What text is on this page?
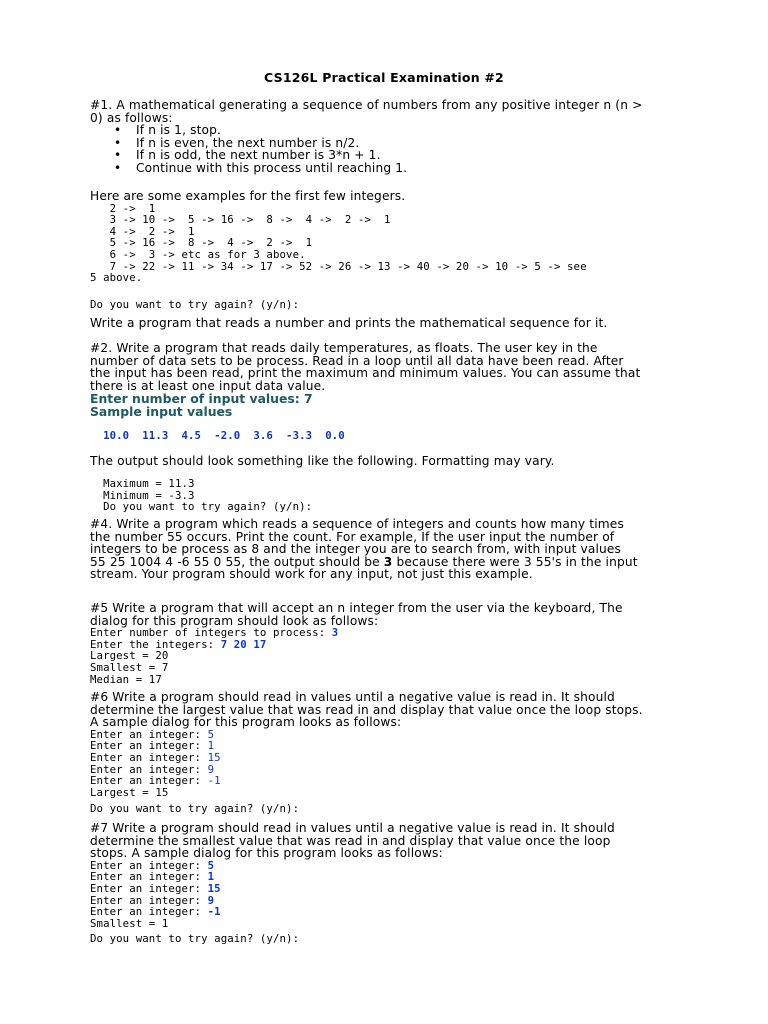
CS126L Practical Examination #2
#1. A mathematical generating a sequence of numbers from any positive integer n (n >
0) as follows:
• If n is 1, stop.
• If n is even, the next number is n/2.
• If n is odd, the next number is 3*n + 1.
• Continue with this process until reaching 1.
Here are some examples for the first few integers.
2 ->  1
3 -> 10 ->  5 -> 16 ->  8 ->  4 ->  2 ->  1
4 ->  2 ->  1
5 -> 16 ->  8 ->  4 ->  2 ->  1
6 ->  3 -> etc as for 3 above.
7 -> 22 -> 11 -> 34 -> 17 -> 52 -> 26 -> 13 -> 40 -> 20 -> 10 -> 5 -> see
5 above.
Do you want to try again? (y/n):
Write a program that reads a number and prints the mathematical sequence for it.
#2. Write a program that reads daily temperatures, as floats. The user key in the
number of data sets to be process. Read in a loop until all data have been read. After
the input has been read, print the maximum and minimum values. You can assume that
there is at least one input data value.
Enter number of input values: 7
Sample input values
10.0  11.3  4.5  -2.0  3.6  -3.3  0.0
The output should look something like the following. Formatting may vary.
Maximum = 11.3
Minimum = -3.3
Do you want to try again? (y/n):
#4. Write a program which reads a sequence of integers and counts how many times
the number 55 occurs. Print the count. For example, If the user input the number of
integers to be process as 8 and the integer you are to search from, with input values
55 25 1004 4 -6 55 0 55, the output should be 3 because there were 3 55's in the input
stream. Your program should work for any input, not just this example.
#5 Write a program that will accept an n integer from the user via the keyboard, The
dialog for this program should look as follows:
Enter number of integers to process: 3
Enter the integers: 7 20 17
Largest = 20
Smallest = 7
Median = 17
#6 Write a program should read in values until a negative value is read in. It should
determine the largest value that was read in and display that value once the loop stops.
A sample dialog for this program looks as follows:
Enter an integer: 5
Enter an integer: 1
Enter an integer: 15
Enter an integer: 9
Enter an integer: -1
Largest = 15
Do you want to try again? (y/n):
#7 Write a program should read in values until a negative value is read in. It should
determine the smallest value that was read in and display that value once the loop
stops. A sample dialog for this program looks as follows:
Enter an integer: 5
Enter an integer: 1
Enter an integer: 15
Enter an integer: 9
Enter an integer: -1
Smallest = 1
Do you want to try again? (y/n):
